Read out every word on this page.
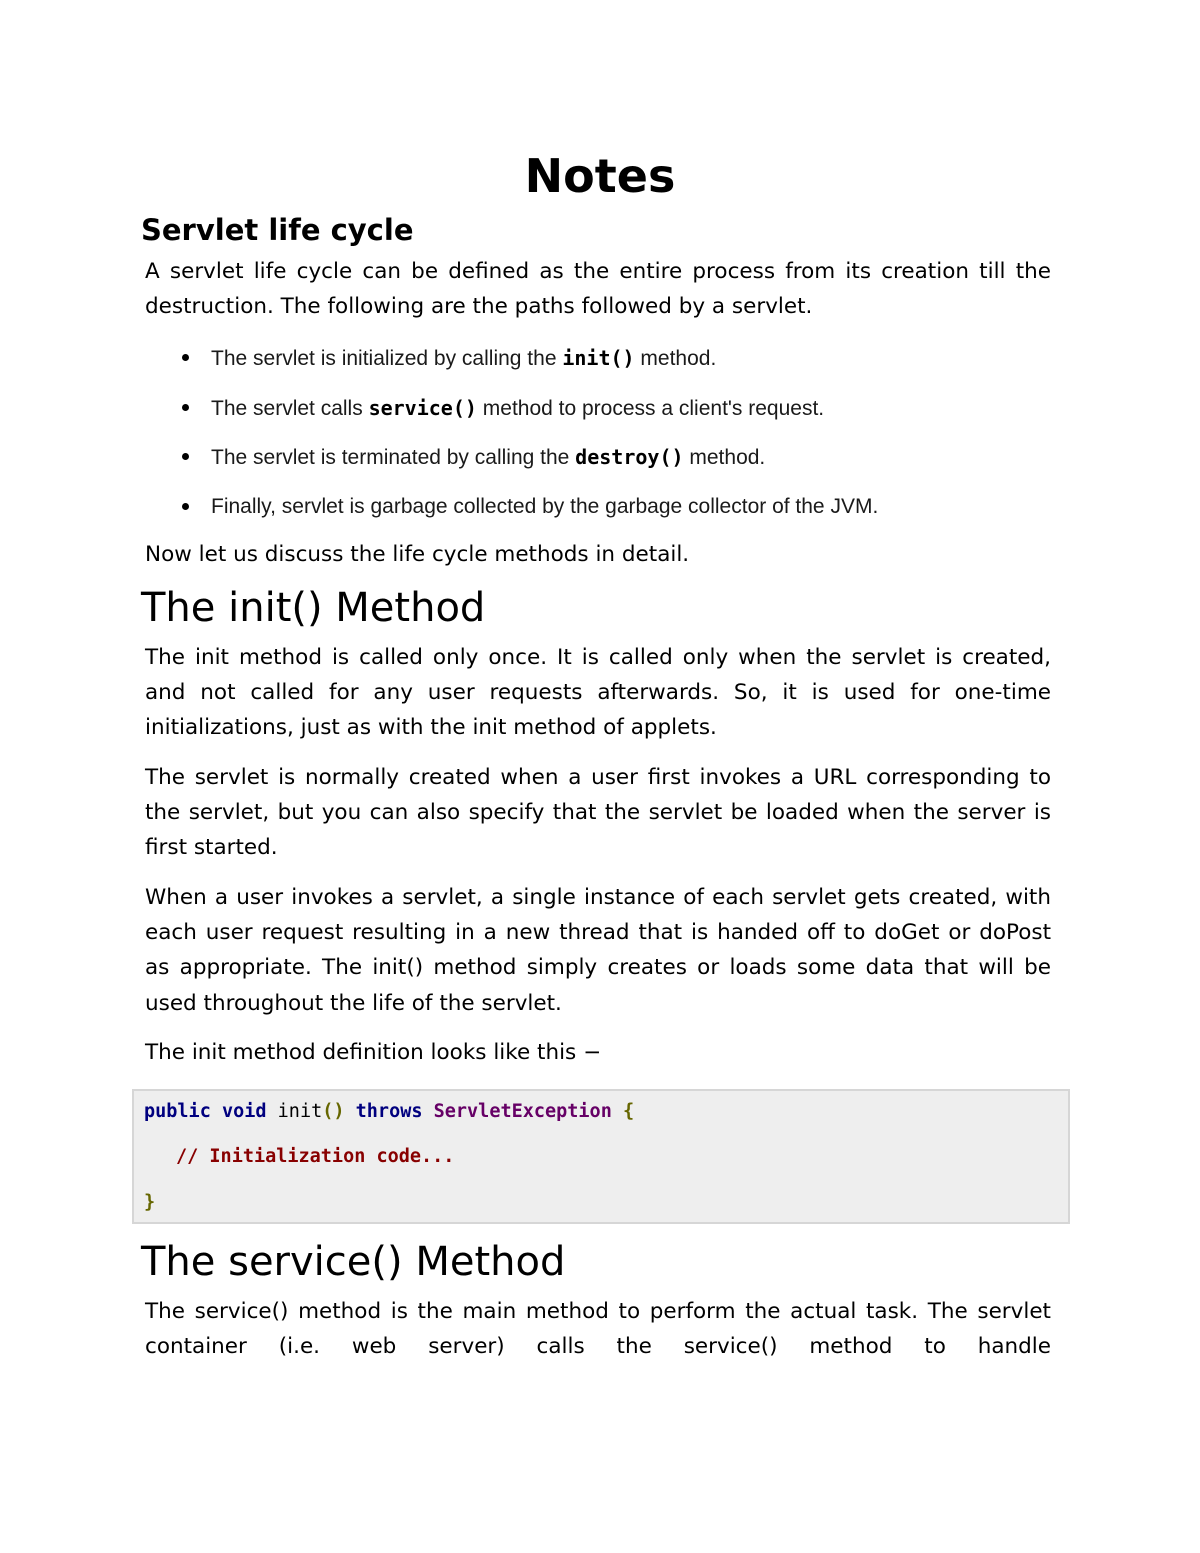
Notes
Servlet life cycle

A servlet life cycle can be defined as the entire process from its creation till the destruction. The following are the paths followed by a servlet.

The servlet is initialized by calling the init() method.
The servlet calls service() method to process a client's request.
The servlet is terminated by calling the destroy() method.
Finally, servlet is garbage collected by the garbage collector of the JVM.

Now let us discuss the life cycle methods in detail.

The init() Method

The init method is called only once. It is called only when the servlet is created, and not called for any user requests afterwards. So, it is used for one-time initializations, just as with the init method of applets.

The servlet is normally created when a user first invokes a URL corresponding to the servlet, but you can also specify that the servlet be loaded when the server is first started.

When a user invokes a servlet, a single instance of each servlet gets created, with each user request resulting in a new thread that is handed off to doGet or doPost as appropriate. The init() method simply creates or loads some data that will be used throughout the life of the servlet.

The init method definition looks like this −

public void init() throws ServletException {
// Initialization code...
}
The service() Method

The service() method is the main method to perform the actual task. The servlet container (i.e. web server) calls the service() method to handle
